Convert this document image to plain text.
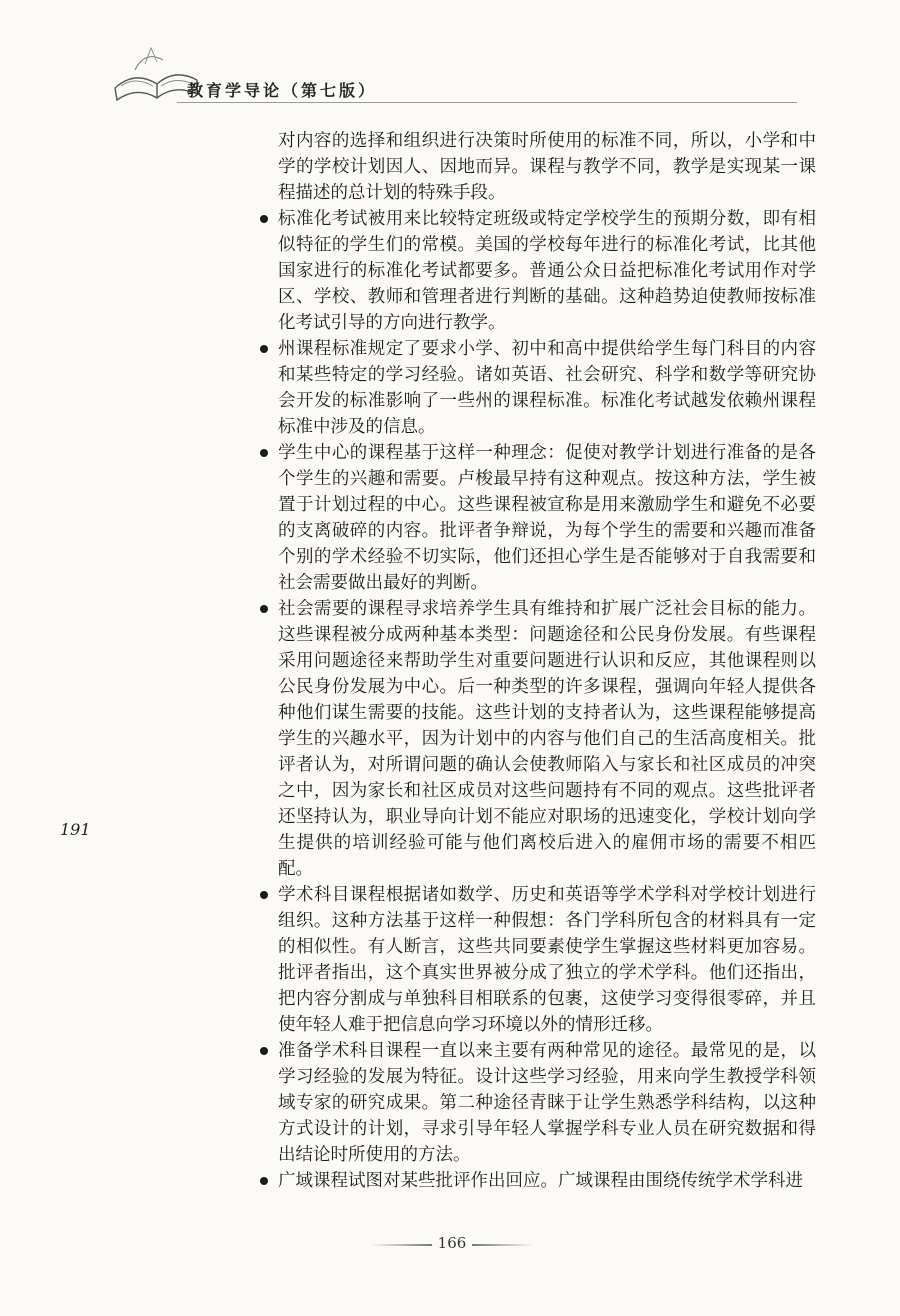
教育学导论（第七版）

对内容的选择和组织进行决策时所使用的标准不同，所以，小学和中学的学校计划因人、因地而异。课程与教学不同，教学是实现某一课程描述的总计划的特殊手段。

标准化考试被用来比较特定班级或特定学校学生的预期分数，即有相似特征的学生们的常模。美国的学校每年进行的标准化考试，比其他国家进行的标准化考试都要多。普通公众日益把标准化考试用作对学区、学校、教师和管理者进行判断的基础。这种趋势迫使教师按标准化考试引导的方向进行教学。

州课程标准规定了要求小学、初中和高中提供给学生每门科目的内容和某些特定的学习经验。诸如英语、社会研究、科学和数学等研究协会开发的标准影响了一些州的课程标准。标准化考试越发依赖州课程标准中涉及的信息。

学生中心的课程基于这样一种理念：促使对教学计划进行准备的是各个学生的兴趣和需要。卢梭最早持有这种观点。按这种方法，学生被置于计划过程的中心。这些课程被宣称是用来激励学生和避免不必要的支离破碎的内容。批评者争辩说，为每个学生的需要和兴趣而准备个别的学术经验不切实际，他们还担心学生是否能够对于自我需要和社会需要做出最好的判断。

社会需要的课程寻求培养学生具有维持和扩展广泛社会目标的能力。这些课程被分成两种基本类型：问题途径和公民身份发展。有些课程采用问题途径来帮助学生对重要问题进行认识和反应，其他课程则以公民身份发展为中心。后一种类型的许多课程，强调向年轻人提供各种他们谋生需要的技能。这些计划的支持者认为，这些课程能够提高学生的兴趣水平，因为计划中的内容与他们自己的生活高度相关。批评者认为，对所谓问题的确认会使教师陷入与家长和社区成员的冲突之中，因为家长和社区成员对这些问题持有不同的观点。这些批评者还坚持认为，职业导向计划不能应对职场的迅速变化，学校计划向学生提供的培训经验可能与他们离校后进入的雇佣市场的需要不相匹配。

学术科目课程根据诸如数学、历史和英语等学术学科对学校计划进行组织。这种方法基于这样一种假想：各门学科所包含的材料具有一定的相似性。有人断言，这些共同要素使学生掌握这些材料更加容易。批评者指出，这个真实世界被分成了独立的学术学科。他们还指出，把内容分割成与单独科目相联系的包裹，这使学习变得很零碎，并且使年轻人难于把信息向学习环境以外的情形迁移。

准备学术科目课程一直以来主要有两种常见的途径。最常见的是，以学习经验的发展为特征。设计这些学习经验，用来向学生教授学科领域专家的研究成果。第二种途径青睐于让学生熟悉学科结构，以这种方式设计的计划，寻求引导年轻人掌握学科专业人员在研究数据和得出结论时所使用的方法。

广域课程试图对某些批评作出回应。广域课程由围绕传统学术学科进

191
166
